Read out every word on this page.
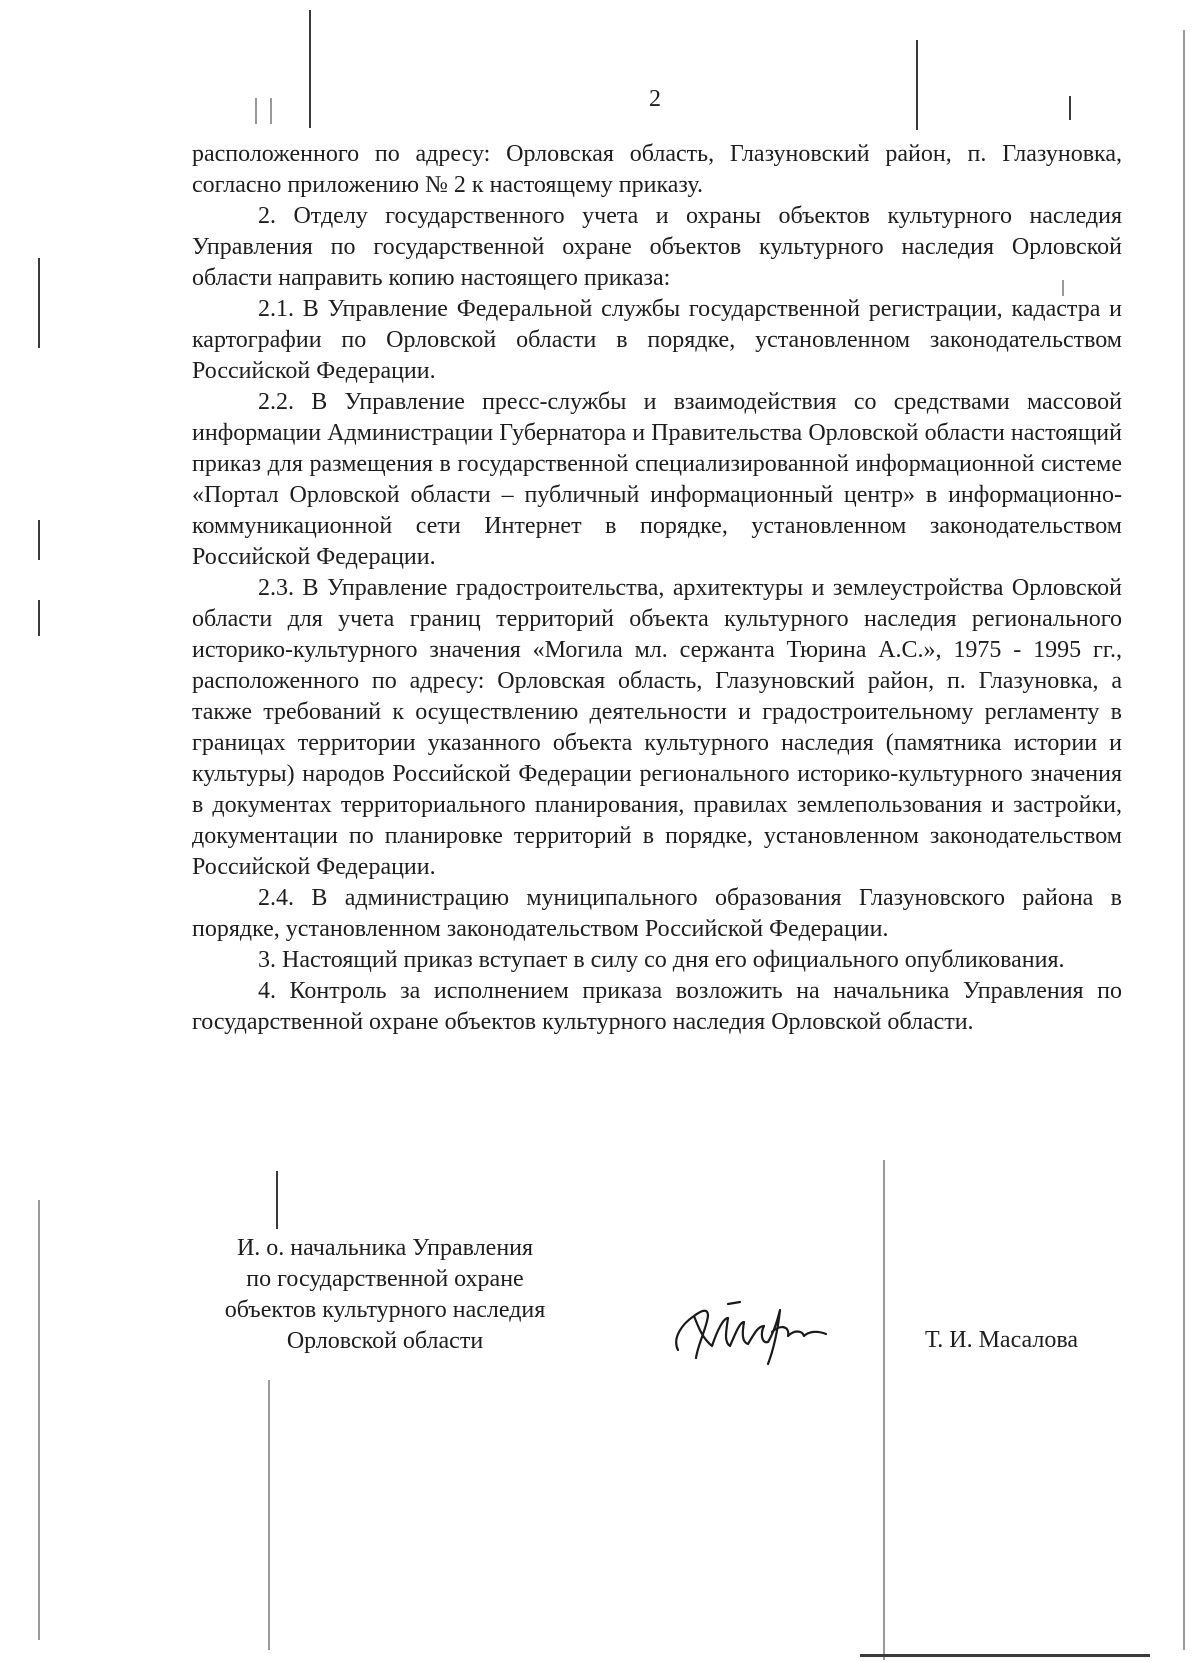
2

расположенного по адресу: Орловская область, Глазуновский район, п. Глазуновка, согласно приложению № 2 к настоящему приказу.

2. Отделу государственного учета и охраны объектов культурного наследия Управления по государственной охране объектов культурного наследия Орловской области направить копию настоящего приказа:

2.1. В Управление Федеральной службы государственной регистрации, кадастра и картографии по Орловской области в порядке, установленном законодательством Российской Федерации.

2.2. В Управление пресс-службы и взаимодействия со средствами массовой информации Администрации Губернатора и Правительства Орловской области настоящий приказ для размещения в государственной специализированной информационной системе «Портал Орловской области – публичный информационный центр» в информационно-коммуникационной сети Интернет в порядке, установленном законодательством Российской Федерации.

2.3. В Управление градостроительства, архитектуры и землеустройства Орловской области для учета границ территорий объекта культурного наследия регионального историко-культурного значения «Могила мл. сержанта Тюрина А.С.», 1975 - 1995 гг., расположенного по адресу: Орловская область, Глазуновский район, п. Глазуновка, а также требований к осуществлению деятельности и градостроительному регламенту в границах территории указанного объекта культурного наследия (памятника истории и культуры) народов Российской Федерации регионального историко-культурного значения в документах территориального планирования, правилах землепользования и застройки, документации по планировке территорий в порядке, установленном законодательством Российской Федерации.

2.4. В администрацию муниципального образования Глазуновского района в порядке, установленном законодательством Российской Федерации.

3. Настоящий приказ вступает в силу со дня его официального опубликования.

4. Контроль за исполнением приказа возложить на начальника Управления по государственной охране объектов культурного наследия Орловской области.

И. о. начальника Управления
по государственной охране
объектов культурного наследия
Орловской области	Т. И. Масалова
